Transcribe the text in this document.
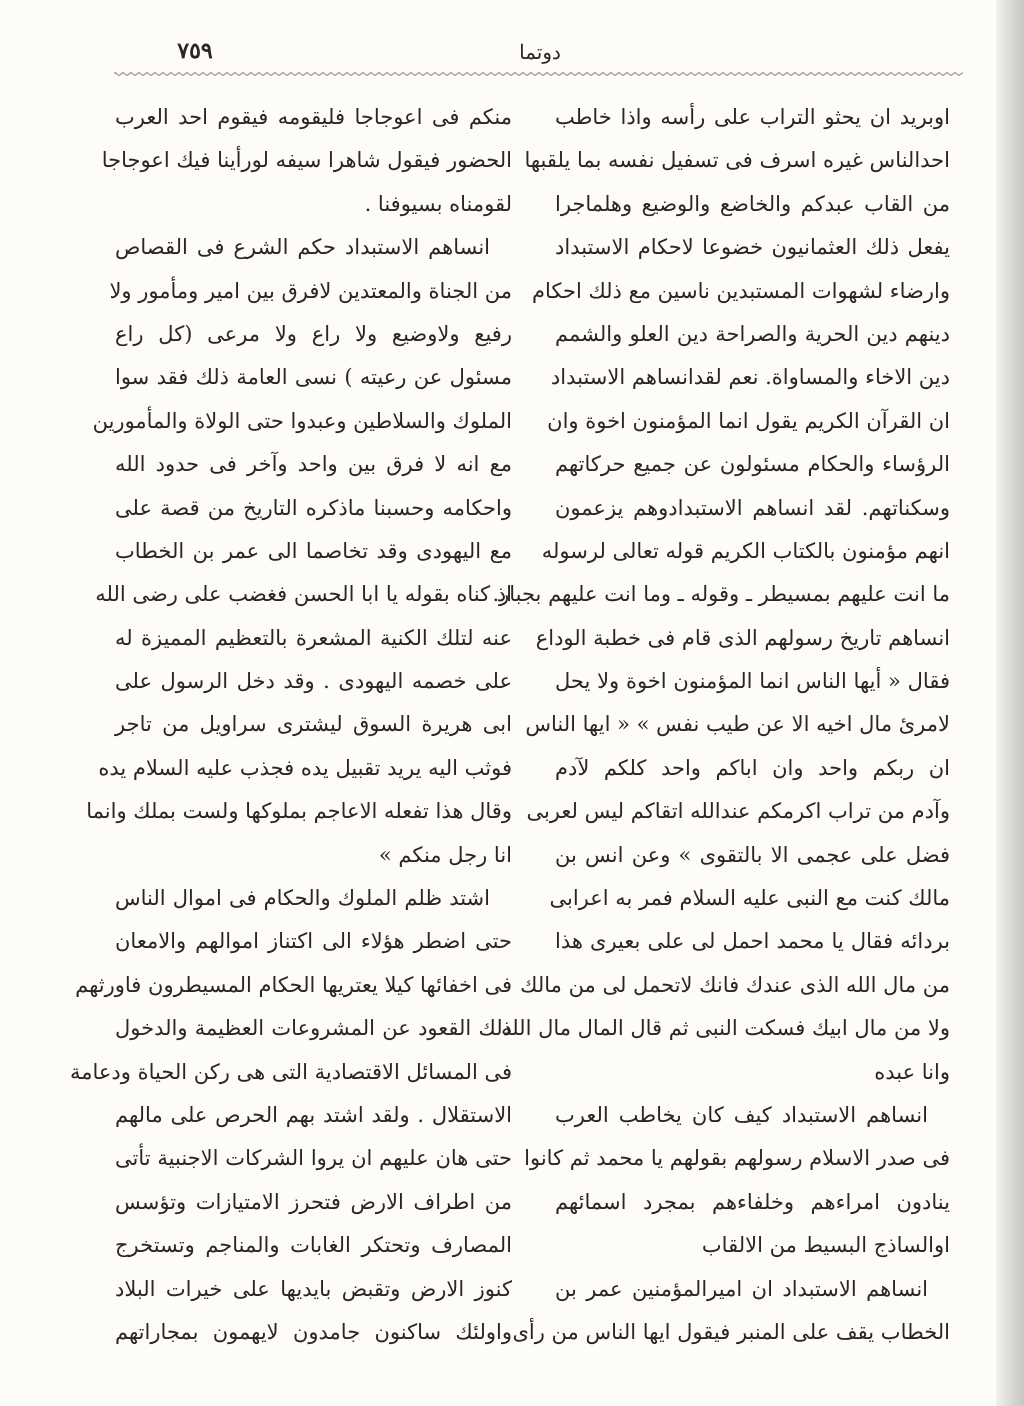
دوتما
٧٥٩
اوبريد ان يحثو التراب على رأسه واذا خاطب
احدالناس غيره اسرف فى تسفيل نفسه بما يلقبها
من القاب عبدكم والخاضع والوضيع وهلماجرا
يفعل ذلك العثمانيون خضوعا لاحكام الاستبداد
وارضاء لشهوات المستبدين ناسين مع ذلك احكام
دينهم دين الحرية والصراحة دين العلو والشمم
دين الاخاء والمساواة. نعم لقدانساهم الاستبداد
ان القرآن الكريم يقول انما المؤمنون اخوة وان
الرؤساء والحكام مسئولون عن جميع حركاتهم
وسكناتهم. لقد انساهم الاستبدادوهم يزعمون
انهم مؤمنون بالكتاب الكريم قوله تعالى لرسوله
ما انت عليهم بمسيطر ـ وقوله ـ وما انت عليهم بجبار.
انساهم تاريخ رسولهم الذى قام فى خطبة الوداع
فقال « أيها الناس انما المؤمنون اخوة ولا يحل
لامرئ مال اخيه الا عن طيب نفس » « ايها الناس
ان ربكم واحد وان اباكم واحد كلكم لآدم
وآدم من تراب اكرمكم عندالله اتقاكم ليس لعربى
فضل على عجمى الا بالتقوى » وعن انس بن
مالك كنت مع النبى عليه السلام فمر به اعرابى
بردائه فقال يا محمد احمل لى على بعيرى هذا
من مال الله الذى عندك فانك لاتحمل لى من مالك
ولا من مال ابيك فسكت النبى ثم قال المال مال الله
وانا عبده
انساهم الاستبداد كيف كان يخاطب العرب
فى صدر الاسلام رسولهم بقولهم يا محمد ثم كانوا
ينادون امراءهم وخلفاءهم بمجرد اسمائهم
اوالساذج البسيط من الالقاب
انساهم الاستبداد ان اميرالمؤمنين عمر بن
الخطاب يقف على المنبر فيقول ايها الناس من رأى
منكم فى اعوجاجا فليقومه فيقوم احد العرب
الحضور فيقول شاهرا سيفه لورأينا فيك اعوجاجا
لقومناه بسيوفنا .
انساهم الاستبداد حكم الشرع فى القصاص
من الجناة والمعتدين لافرق بين امير ومأمور ولا
رفيع ولاوضيع ولا راع ولا مرعى (كل راع
مسئول عن رعيته ) نسى العامة ذلك فقد سوا
الملوك والسلاطين وعبدوا حتى الولاة والمأمورين
مع انه لا فرق بين واحد وآخر فى حدود الله
واحكامه وحسبنا ماذكره التاريخ من قصة على
مع اليهودى وقد تخاصما الى عمر بن الخطاب
اذ كناه بقوله يا ابا الحسن فغضب على رضى الله
عنه لتلك الكنية المشعرة بالتعظيم المميزة له
على خصمه اليهودى . وقد دخل الرسول على
ابى هريرة السوق ليشترى سراويل من تاجر
فوثب اليه يريد تقبيل يده فجذب عليه السلام يده
وقال هذا تفعله الاعاجم بملوكها ولست بملك وانما
انا رجل منكم »
اشتد ظلم الملوك والحكام فى اموال الناس
حتى اضطر هؤلاء الى اكتناز اموالهم والامعان
فى اخفائها كيلا يعتريها الحكام المسيطرون فاورثهم
ذلك القعود عن المشروعات العظيمة والدخول
فى المسائل الاقتصادية التى هى ركن الحياة ودعامة
الاستقلال . ولقد اشتد بهم الحرص على مالهم
حتى هان عليهم ان يروا الشركات الاجنبية تأتى
من اطراف الارض فتحرز الامتيازات وتؤسس
المصارف وتحتكر الغابات والمناجم وتستخرج
كنوز الارض وتقبض بايديها على خيرات البلاد
واولئك ساكنون جامدون لايهمون بمجاراتهم
